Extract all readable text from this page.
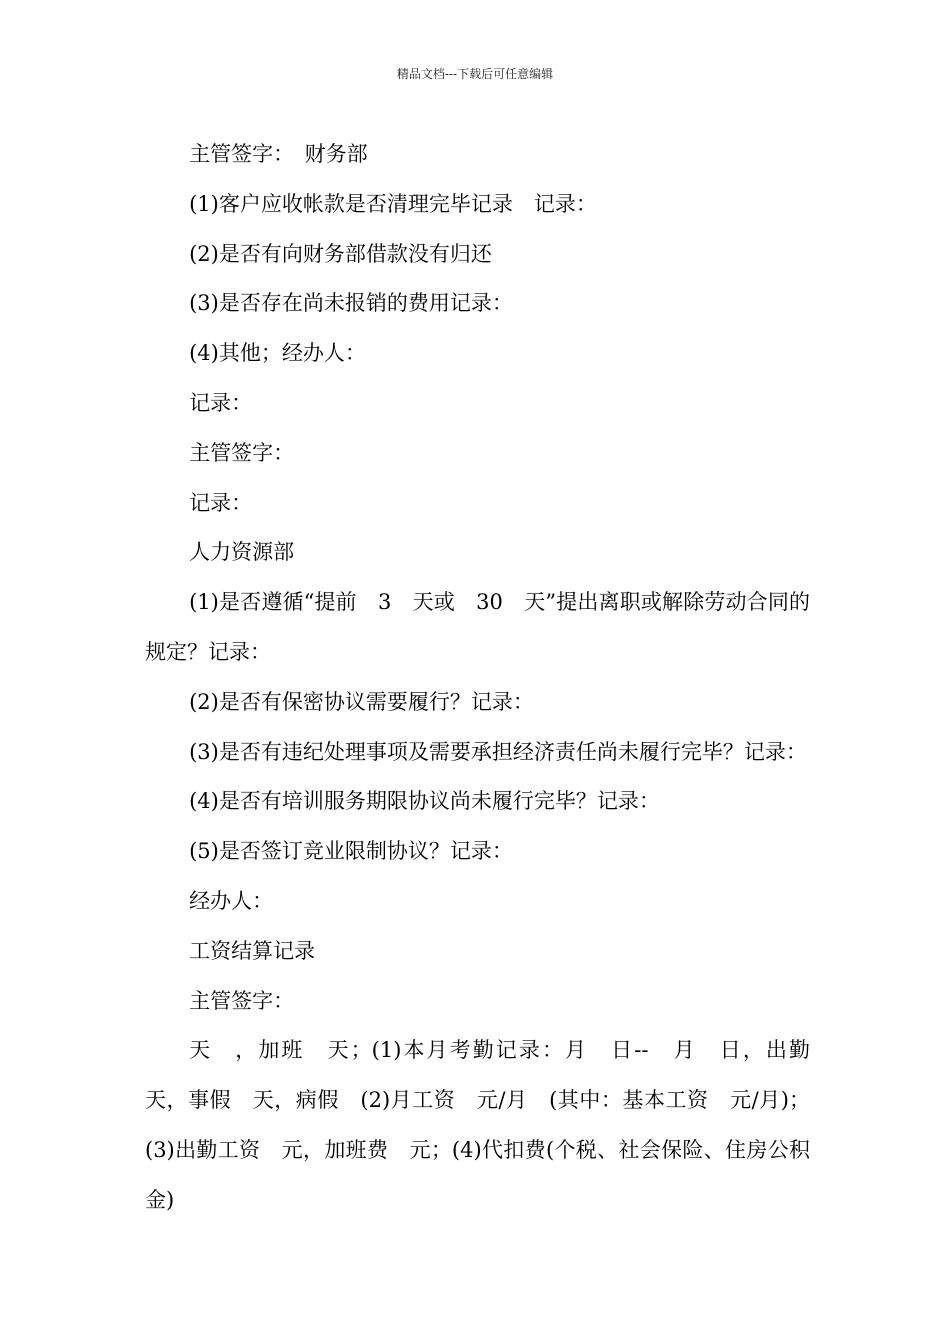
精品文档---下载后可任意编辑

主管签字：　财务部

(1)客户应收帐款是否清理完毕记录　记录：

(2)是否有向财务部借款没有归还

(3)是否存在尚未报销的费用记录：

(4)其他；经办人：

记录：

主管签字：

记录：

人力资源部

(1)是否遵循“提前　3　天或　30　天”提出离职或解除劳动合同的规定？记录：

(2)是否有保密协议需要履行？记录：

(3)是否有违纪处理事项及需要承担经济责任尚未履行完毕？记录：

(4)是否有培训服务期限协议尚未履行完毕？记录：

(5)是否签订竞业限制协议？记录：

经办人：

工资结算记录

主管签字：

天　，加班　天；(1)本月考勤记录：月　日--　月　日，出勤　天，事假　天，病假　(2)月工资　元/月　(其中：基本工资　元/月)；(3)出勤工资　元，加班费　元；(4)代扣费(个税、社会保险、住房公积金)
